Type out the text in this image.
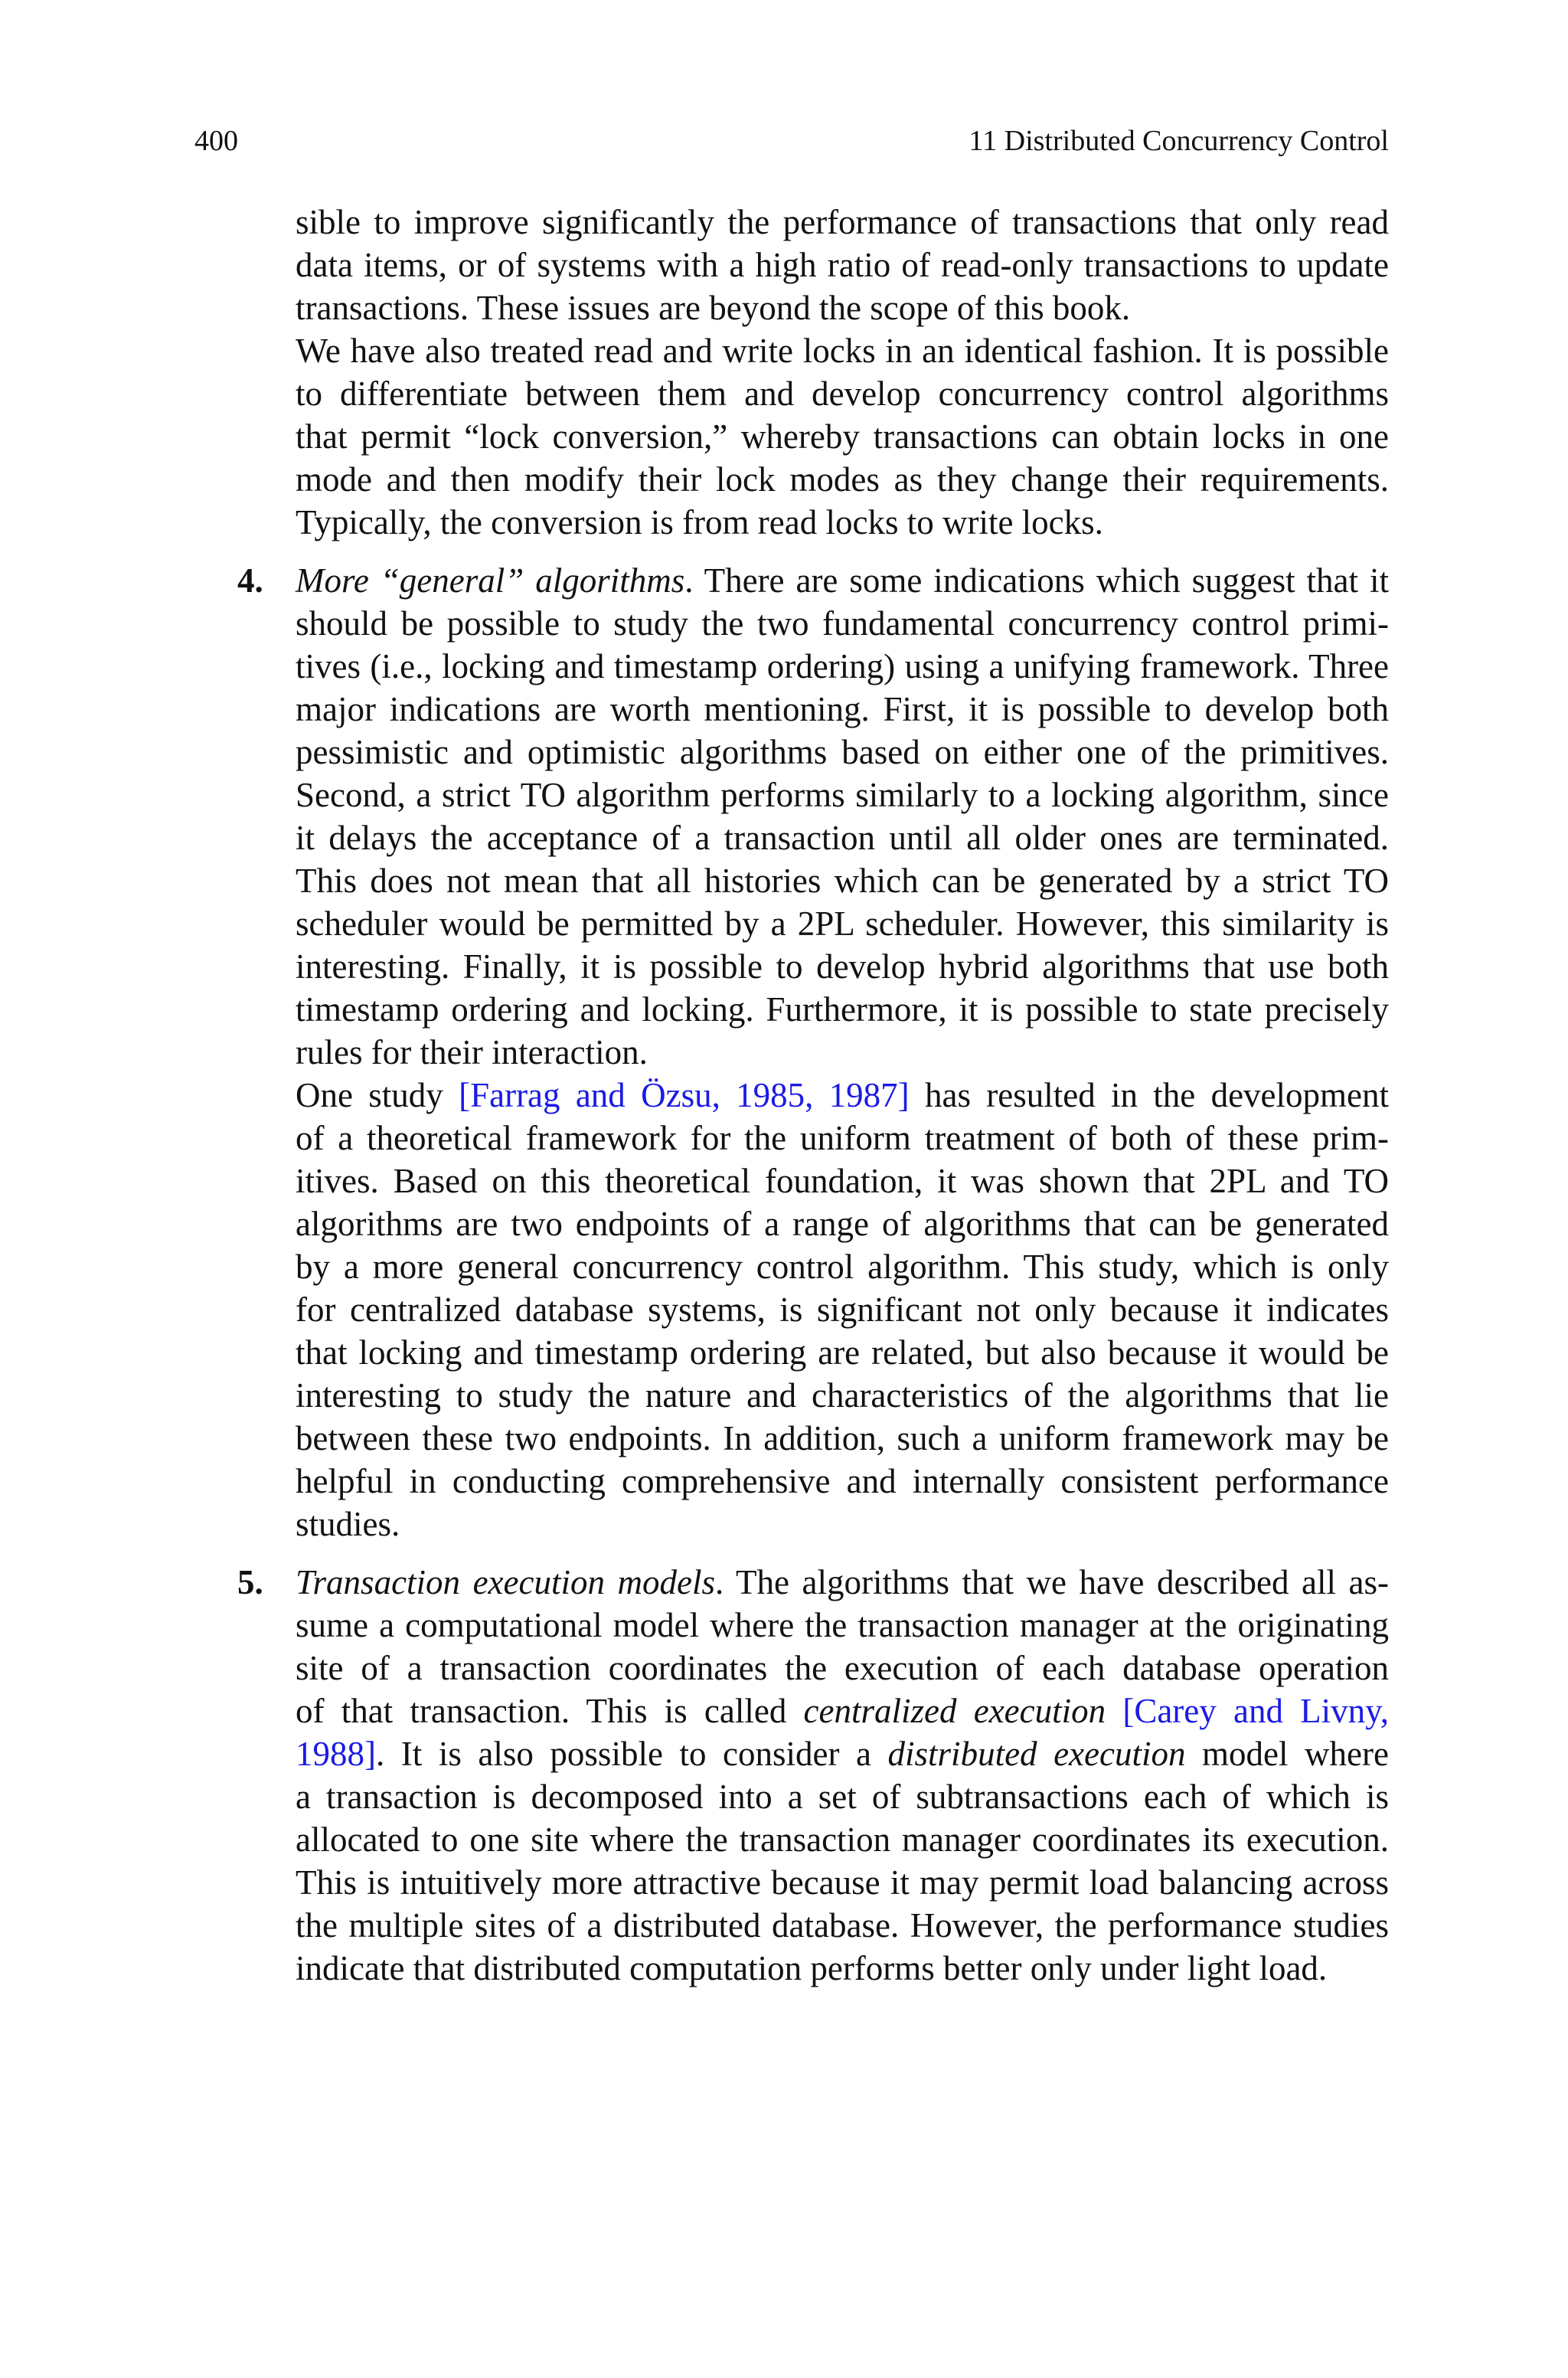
400	11 Distributed Concurrency Control
sible to improve significantly the performance of transactions that only read
data items, or of systems with a high ratio of read-only transactions to update
transactions. These issues are beyond the scope of this book.
We have also treated read and write locks in an identical fashion. It is possible
to differentiate between them and develop concurrency control algorithms
that permit “lock conversion,” whereby transactions can obtain locks in one
mode and then modify their lock modes as they change their requirements.
Typically, the conversion is from read locks to write locks.
4. More “general” algorithms. There are some indications which suggest that it
should be possible to study the two fundamental concurrency control primi-
tives (i.e., locking and timestamp ordering) using a unifying framework. Three
major indications are worth mentioning. First, it is possible to develop both
pessimistic and optimistic algorithms based on either one of the primitives.
Second, a strict TO algorithm performs similarly to a locking algorithm, since
it delays the acceptance of a transaction until all older ones are terminated.
This does not mean that all histories which can be generated by a strict TO
scheduler would be permitted by a 2PL scheduler. However, this similarity is
interesting. Finally, it is possible to develop hybrid algorithms that use both
timestamp ordering and locking. Furthermore, it is possible to state precisely
rules for their interaction.
One study [Farrag and Özsu, 1985, 1987] has resulted in the development
of a theoretical framework for the uniform treatment of both of these prim-
itives. Based on this theoretical foundation, it was shown that 2PL and TO
algorithms are two endpoints of a range of algorithms that can be generated
by a more general concurrency control algorithm. This study, which is only
for centralized database systems, is significant not only because it indicates
that locking and timestamp ordering are related, but also because it would be
interesting to study the nature and characteristics of the algorithms that lie
between these two endpoints. In addition, such a uniform framework may be
helpful in conducting comprehensive and internally consistent performance
studies.
5. Transaction execution models. The algorithms that we have described all as-
sume a computational model where the transaction manager at the originating
site of a transaction coordinates the execution of each database operation
of that transaction. This is called centralized execution [Carey and Livny,
1988]. It is also possible to consider a distributed execution model where
a transaction is decomposed into a set of subtransactions each of which is
allocated to one site where the transaction manager coordinates its execution.
This is intuitively more attractive because it may permit load balancing across
the multiple sites of a distributed database. However, the performance studies
indicate that distributed computation performs better only under light load.
